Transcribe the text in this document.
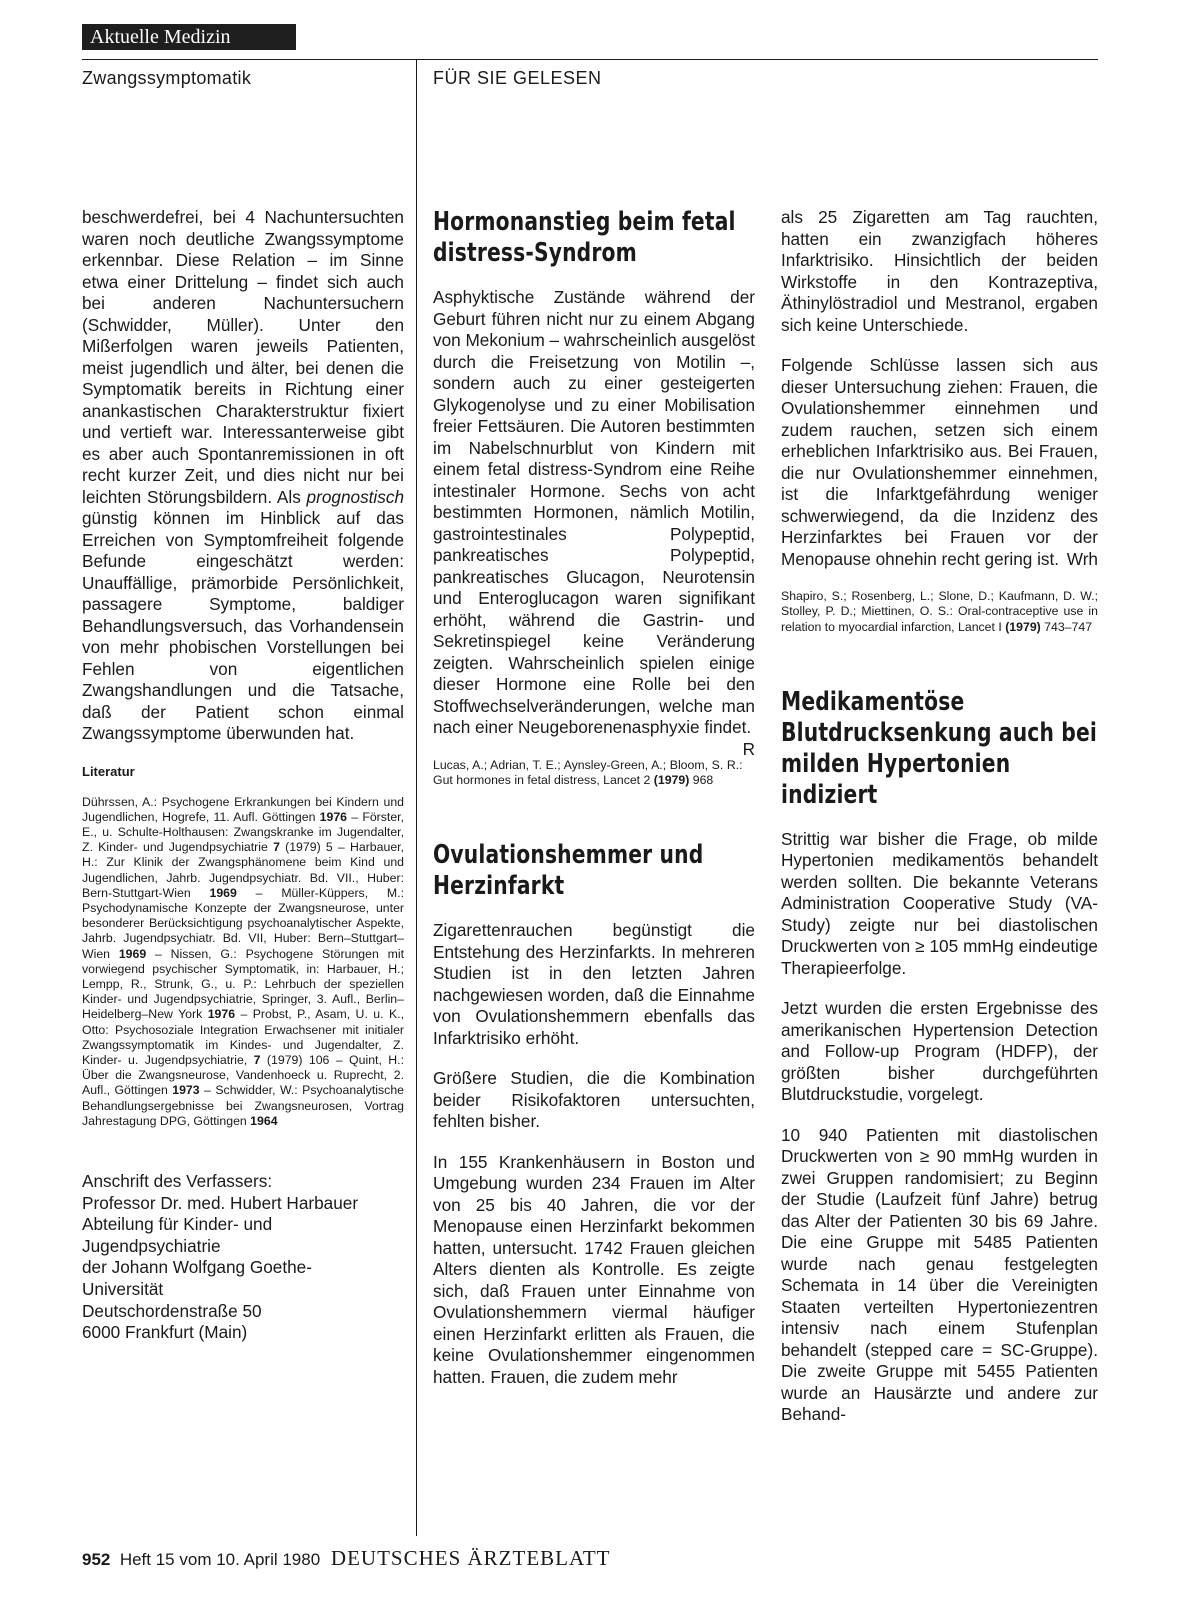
Aktuelle Medizin
Zwangssymptomatik	FÜR SIE GELESEN

beschwerdefrei, bei 4 Nachuntersuchten waren noch deutliche Zwangssymptome erkennbar. Diese Relation – im Sinne etwa einer Drittelung – findet sich auch bei anderen Nachuntersuchern (Schwidder, Müller). Unter den Mißerfolgen waren jeweils Patienten, meist jugendlich und älter, bei denen die Symptomatik bereits in Richtung einer anankastischen Charakterstruktur fixiert und vertieft war. Interessanterweise gibt es aber auch Spontanremissionen in oft recht kurzer Zeit, und dies nicht nur bei leichten Störungsbildern. Als prognostisch günstig können im Hinblick auf das Erreichen von Symptomfreiheit folgende Befunde eingeschätzt werden: Unauffällige, prämorbide Persönlichkeit, passagere Symptome, baldiger Behandlungsversuch, das Vorhandensein von mehr phobischen Vorstellungen bei Fehlen von eigentlichen Zwangshandlungen und die Tatsache, daß der Patient schon einmal Zwangssymptome überwunden hat.

Literatur

Dührssen, A.: Psychogene Erkrankungen bei Kindern und Jugendlichen, Hogrefe, 11. Aufl. Göttingen 1976 – Förster, E., u. Schulte-Holthausen: Zwangskranke im Jugendalter, Z. Kinder- und Jugendpsychiatrie 7 (1979) 5 – Harbauer, H.: Zur Klinik der Zwangsphänomene beim Kind und Jugendlichen, Jahrb. Jugendpsychiatr. Bd. VII., Huber: Bern-Stuttgart-Wien 1969 – Müller-Küppers, M.: Psychodynamische Konzepte der Zwangsneurose, unter besonderer Berücksichtigung psychoanalytischer Aspekte, Jahrb. Jugendpsychiatr. Bd. VII, Huber: Bern–Stuttgart–Wien 1969 – Nissen, G.: Psychogene Störungen mit vorwiegend psychischer Symptomatik, in: Harbauer, H.; Lempp, R., Strunk, G., u. P.: Lehrbuch der speziellen Kinder- und Jugendpsychiatrie, Springer, 3. Aufl., Berlin–Heidelberg–New York 1976 – Probst, P., Asam, U. u. K., Otto: Psychosoziale Integration Erwachsener mit initialer Zwangssymptomatik im Kindes- und Jugendalter, Z. Kinder- u. Jugendpsychiatrie, 7 (1979) 106 – Quint, H.: Über die Zwangsneurose, Vandenhoeck u. Ruprecht, 2. Aufl., Göttingen 1973 – Schwidder, W.: Psychoanalytische Behandlungsergebnisse bei Zwangsneurosen, Vortrag Jahrestagung DPG, Göttingen 1964

Anschrift des Verfassers:
Professor Dr. med. Hubert Harbauer
Abteilung für Kinder- und
Jugendpsychiatrie
der Johann Wolfgang Goethe-
Universität
Deutschordenstraße 50
6000 Frankfurt (Main)
Hormonanstieg beim fetal distress-Syndrom

Asphyktische Zustände während der Geburt führen nicht nur zu einem Abgang von Mekonium – wahrscheinlich ausgelöst durch die Freisetzung von Motilin –, sondern auch zu einer gesteigerten Glykogenolyse und zu einer Mobilisation freier Fettsäuren. Die Autoren bestimmten im Nabelschnurblut von Kindern mit einem fetal distress-Syndrom eine Reihe intestinaler Hormone. Sechs von acht bestimmten Hormonen, nämlich Motilin, gastrointestinales Polypeptid, pankreatisches Polypeptid, pankreatisches Glucagon, Neurotensin und Enteroglucagon waren signifikant erhöht, während die Gastrin- und Sekretinspiegel keine Veränderung zeigten. Wahrscheinlich spielen einige dieser Hormone eine Rolle bei den Stoffwechselveränderungen, welche man nach einer Neugeborenenasphyxie findet.
R

Lucas, A.; Adrian, T. E.; Aynsley-Green, A.; Bloom, S. R.: Gut hormones in fetal distress, Lancet 2 (1979) 968

Ovulationshemmer und Herzinfarkt

Zigarettenrauchen begünstigt die Entstehung des Herzinfarkts. In mehreren Studien ist in den letzten Jahren nachgewiesen worden, daß die Einnahme von Ovulationshemmern ebenfalls das Infarktrisiko erhöht.

Größere Studien, die die Kombination beider Risikofaktoren untersuchten, fehlten bisher.

In 155 Krankenhäusern in Boston und Umgebung wurden 234 Frauen im Alter von 25 bis 40 Jahren, die vor der Menopause einen Herzinfarkt bekommen hatten, untersucht. 1742 Frauen gleichen Alters dienten als Kontrolle. Es zeigte sich, daß Frauen unter Einnahme von Ovulationshemmern viermal häufiger einen Herzinfarkt erlitten als Frauen, die keine Ovulationshemmer eingenommen hatten. Frauen, die zudem mehr

als 25 Zigaretten am Tag rauchten, hatten ein zwanzigfach höheres Infarktrisiko. Hinsichtlich der beiden Wirkstoffe in den Kontrazeptiva, Äthinylöstradiol und Mestranol, ergaben sich keine Unterschiede.

Folgende Schlüsse lassen sich aus dieser Untersuchung ziehen: Frauen, die Ovulationshemmer einnehmen und zudem rauchen, setzen sich einem erheblichen Infarktrisiko aus. Bei Frauen, die nur Ovulationshemmer einnehmen, ist die Infarktgefährdung weniger schwerwiegend, da die Inzidenz des Herzinfarktes bei Frauen vor der Menopause ohnehin recht gering ist. Wrh

Shapiro, S.; Rosenberg, L.; Slone, D.; Kaufmann, D. W.; Stolley, P. D.; Miettinen, O. S.: Oral-contraceptive use in relation to myocardial infarction, Lancet I (1979) 743–747

Medikamentöse Blutdrucksenkung auch bei milden Hypertonien indiziert

Strittig war bisher die Frage, ob milde Hypertonien medikamentös behandelt werden sollten. Die bekannte Veterans Administration Cooperative Study (VA-Study) zeigte nur bei diastolischen Druckwerten von ≥ 105 mmHg eindeutige Therapieerfolge.

Jetzt wurden die ersten Ergebnisse des amerikanischen Hypertension Detection and Follow-up Program (HDFP), der größten bisher durchgeführten Blutdruckstudie, vorgelegt.

10 940 Patienten mit diastolischen Druckwerten von ≥ 90 mmHg wurden in zwei Gruppen randomisiert; zu Beginn der Studie (Laufzeit fünf Jahre) betrug das Alter der Patienten 30 bis 69 Jahre. Die eine Gruppe mit 5485 Patienten wurde nach genau festgelegten Schemata in 14 über die Vereinigten Staaten verteilten Hypertoniezentren intensiv nach einem Stufenplan behandelt (stepped care = SC-Gruppe). Die zweite Gruppe mit 5455 Patienten wurde an Hausärzte und andere zur Behand-

952 Heft 15 vom 10. April 1980 DEUTSCHES ÄRZTEBLATT
